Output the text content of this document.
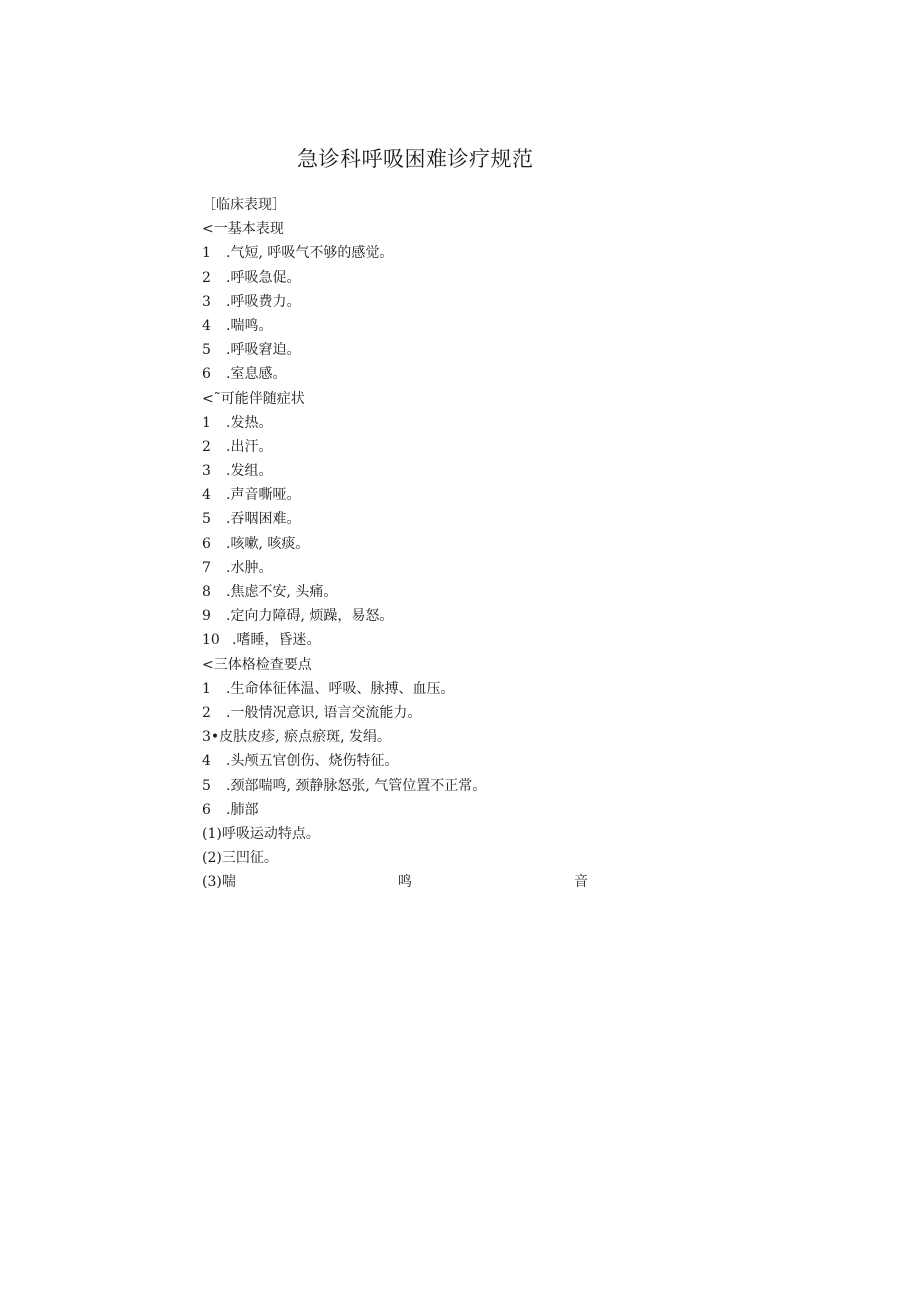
急诊科呼吸困难诊疗规范
［临床表现］
<一基本表现
1 .气短, 呼吸气不够的感觉。
2 .呼吸急促。
3 .呼吸费力。
4 .喘鸣。
5 .呼吸窘迫。
6 .室息感。
<˜可能伴随症状
1 .发热。
2 .出汗。
3 .发组。
4 .声音嘶哑。
5 .吞咽困难。
6 .咳嗽, 咳痰。
7 .水肿。
8 .焦虑不安, 头痛。
9 .定向力障碍, 烦躁，易怒。
10 .嗜睡，昏迷。
<三体格检查要点
1 .生命体征体温、呼吸、脉搏、血压。
2 .一般情况意识, 语言交流能力。
3•皮肤皮疹, 瘀点瘀斑, 发绢。
4 .头颅五官创伤、烧伤特征。
5 .颈部喘鸣, 颈静脉怒张, 气管位置不正常。
6 .肺部
(1)呼吸运动特点。
(2)三凹征。
(3)喘	鸣	音
